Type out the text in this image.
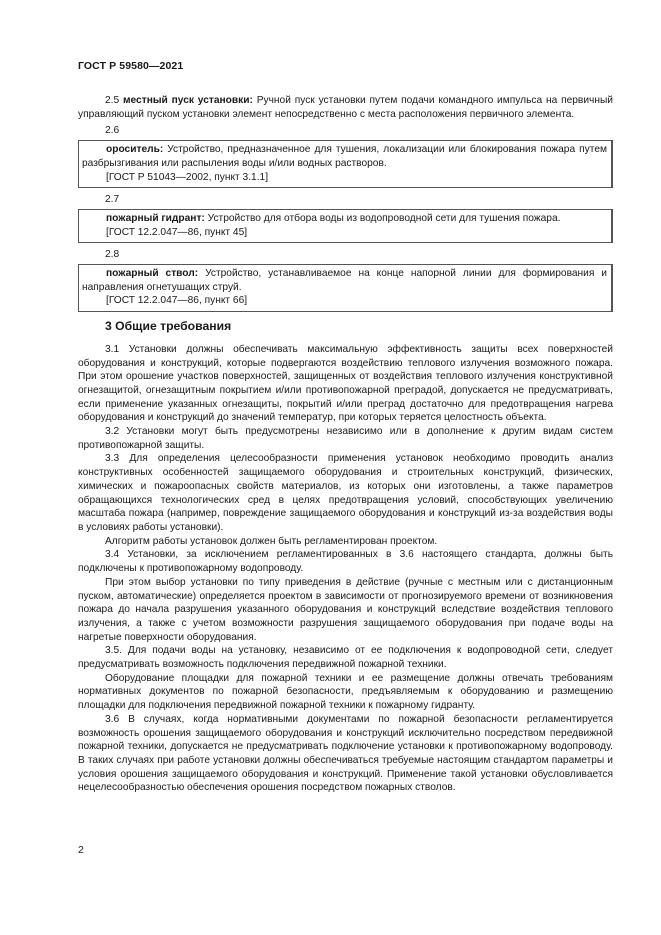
ГОСТ Р 59580—2021

2.5 местный пуск установки: Ручной пуск установки путем подачи командного импульса на первичный управляющий пуском установки элемент непосредственно с места расположения первичного элемента.

2.6

ороситель: Устройство, предназначенное для тушения, локализации или блокирования пожара путем разбрызгивания или распыления воды и/или водных растворов.

[ГОСТ Р 51043—2002, пункт 3.1.1]

2.7

пожарный гидрант: Устройство для отбора воды из водопроводной сети для тушения пожара.

[ГОСТ 12.2.047—86, пункт 45]

2.8

пожарный ствол: Устройство, устанавливаемое на конце напорной линии для формирования и направления огнетушащих струй.

[ГОСТ 12.2.047—86, пункт 66]

3 Общие требования

3.1 Установки должны обеспечивать максимальную эффективность защиты всех поверхностей оборудования и конструкций, которые подвергаются воздействию теплового излучения возможного пожара. При этом орошение участков поверхностей, защищенных от воздействия теплового излучения конструктивной огнезащитой, огнезащитным покрытием и/или противопожарной преградой, допускается не предусматривать, если применение указанных огнезащиты, покрытий и/или преград достаточно для предотвращения нагрева оборудования и конструкций до значений температур, при которых теряется целостность объекта.

3.2 Установки могут быть предусмотрены независимо или в дополнение к другим видам систем противопожарной защиты.

3.3 Для определения целесообразности применения установок необходимо проводить анализ конструктивных особенностей защищаемого оборудования и строительных конструкций, физических, химических и пожароопасных свойств материалов, из которых они изготовлены, а также параметров обращающихся технологических сред в целях предотвращения условий, способствующих увеличению масштаба пожара (например, повреждение защищаемого оборудования и конструкций из-за воздействия воды в условиях работы установки).

Алгоритм работы установок должен быть регламентирован проектом.

3.4 Установки, за исключением регламентированных в 3.6 настоящего стандарта, должны быть подключены к противопожарному водопроводу.

При этом выбор установки по типу приведения в действие (ручные с местным или с дистанционным пуском, автоматические) определяется проектом в зависимости от прогнозируемого времени от возникновения пожара до начала разрушения указанного оборудования и конструкций вследствие воздействия теплового излучения, а также с учетом возможности разрушения защищаемого оборудования при подаче воды на нагретые поверхности оборудования.

3.5. Для подачи воды на установку, независимо от ее подключения к водопроводной сети, следует предусматривать возможность подключения передвижной пожарной техники.

Оборудование площадки для пожарной техники и ее размещение должны отвечать требованиям нормативных документов по пожарной безопасности, предъявляемым к оборудованию и размещению площадки для подключения передвижной пожарной техники к пожарному гидранту.

3.6 В случаях, когда нормативными документами по пожарной безопасности регламентируется возможность орошения защищаемого оборудования и конструкций исключительно посредством передвижной пожарной техники, допускается не предусматривать подключение установки к противопожарному водопроводу. В таких случаях при работе установки должны обеспечиваться требуемые настоящим стандартом параметры и условия орошения защищаемого оборудования и конструкций. Применение такой установки обусловливается нецелесообразностью обеспечения орошения посредством пожарных стволов.

2
